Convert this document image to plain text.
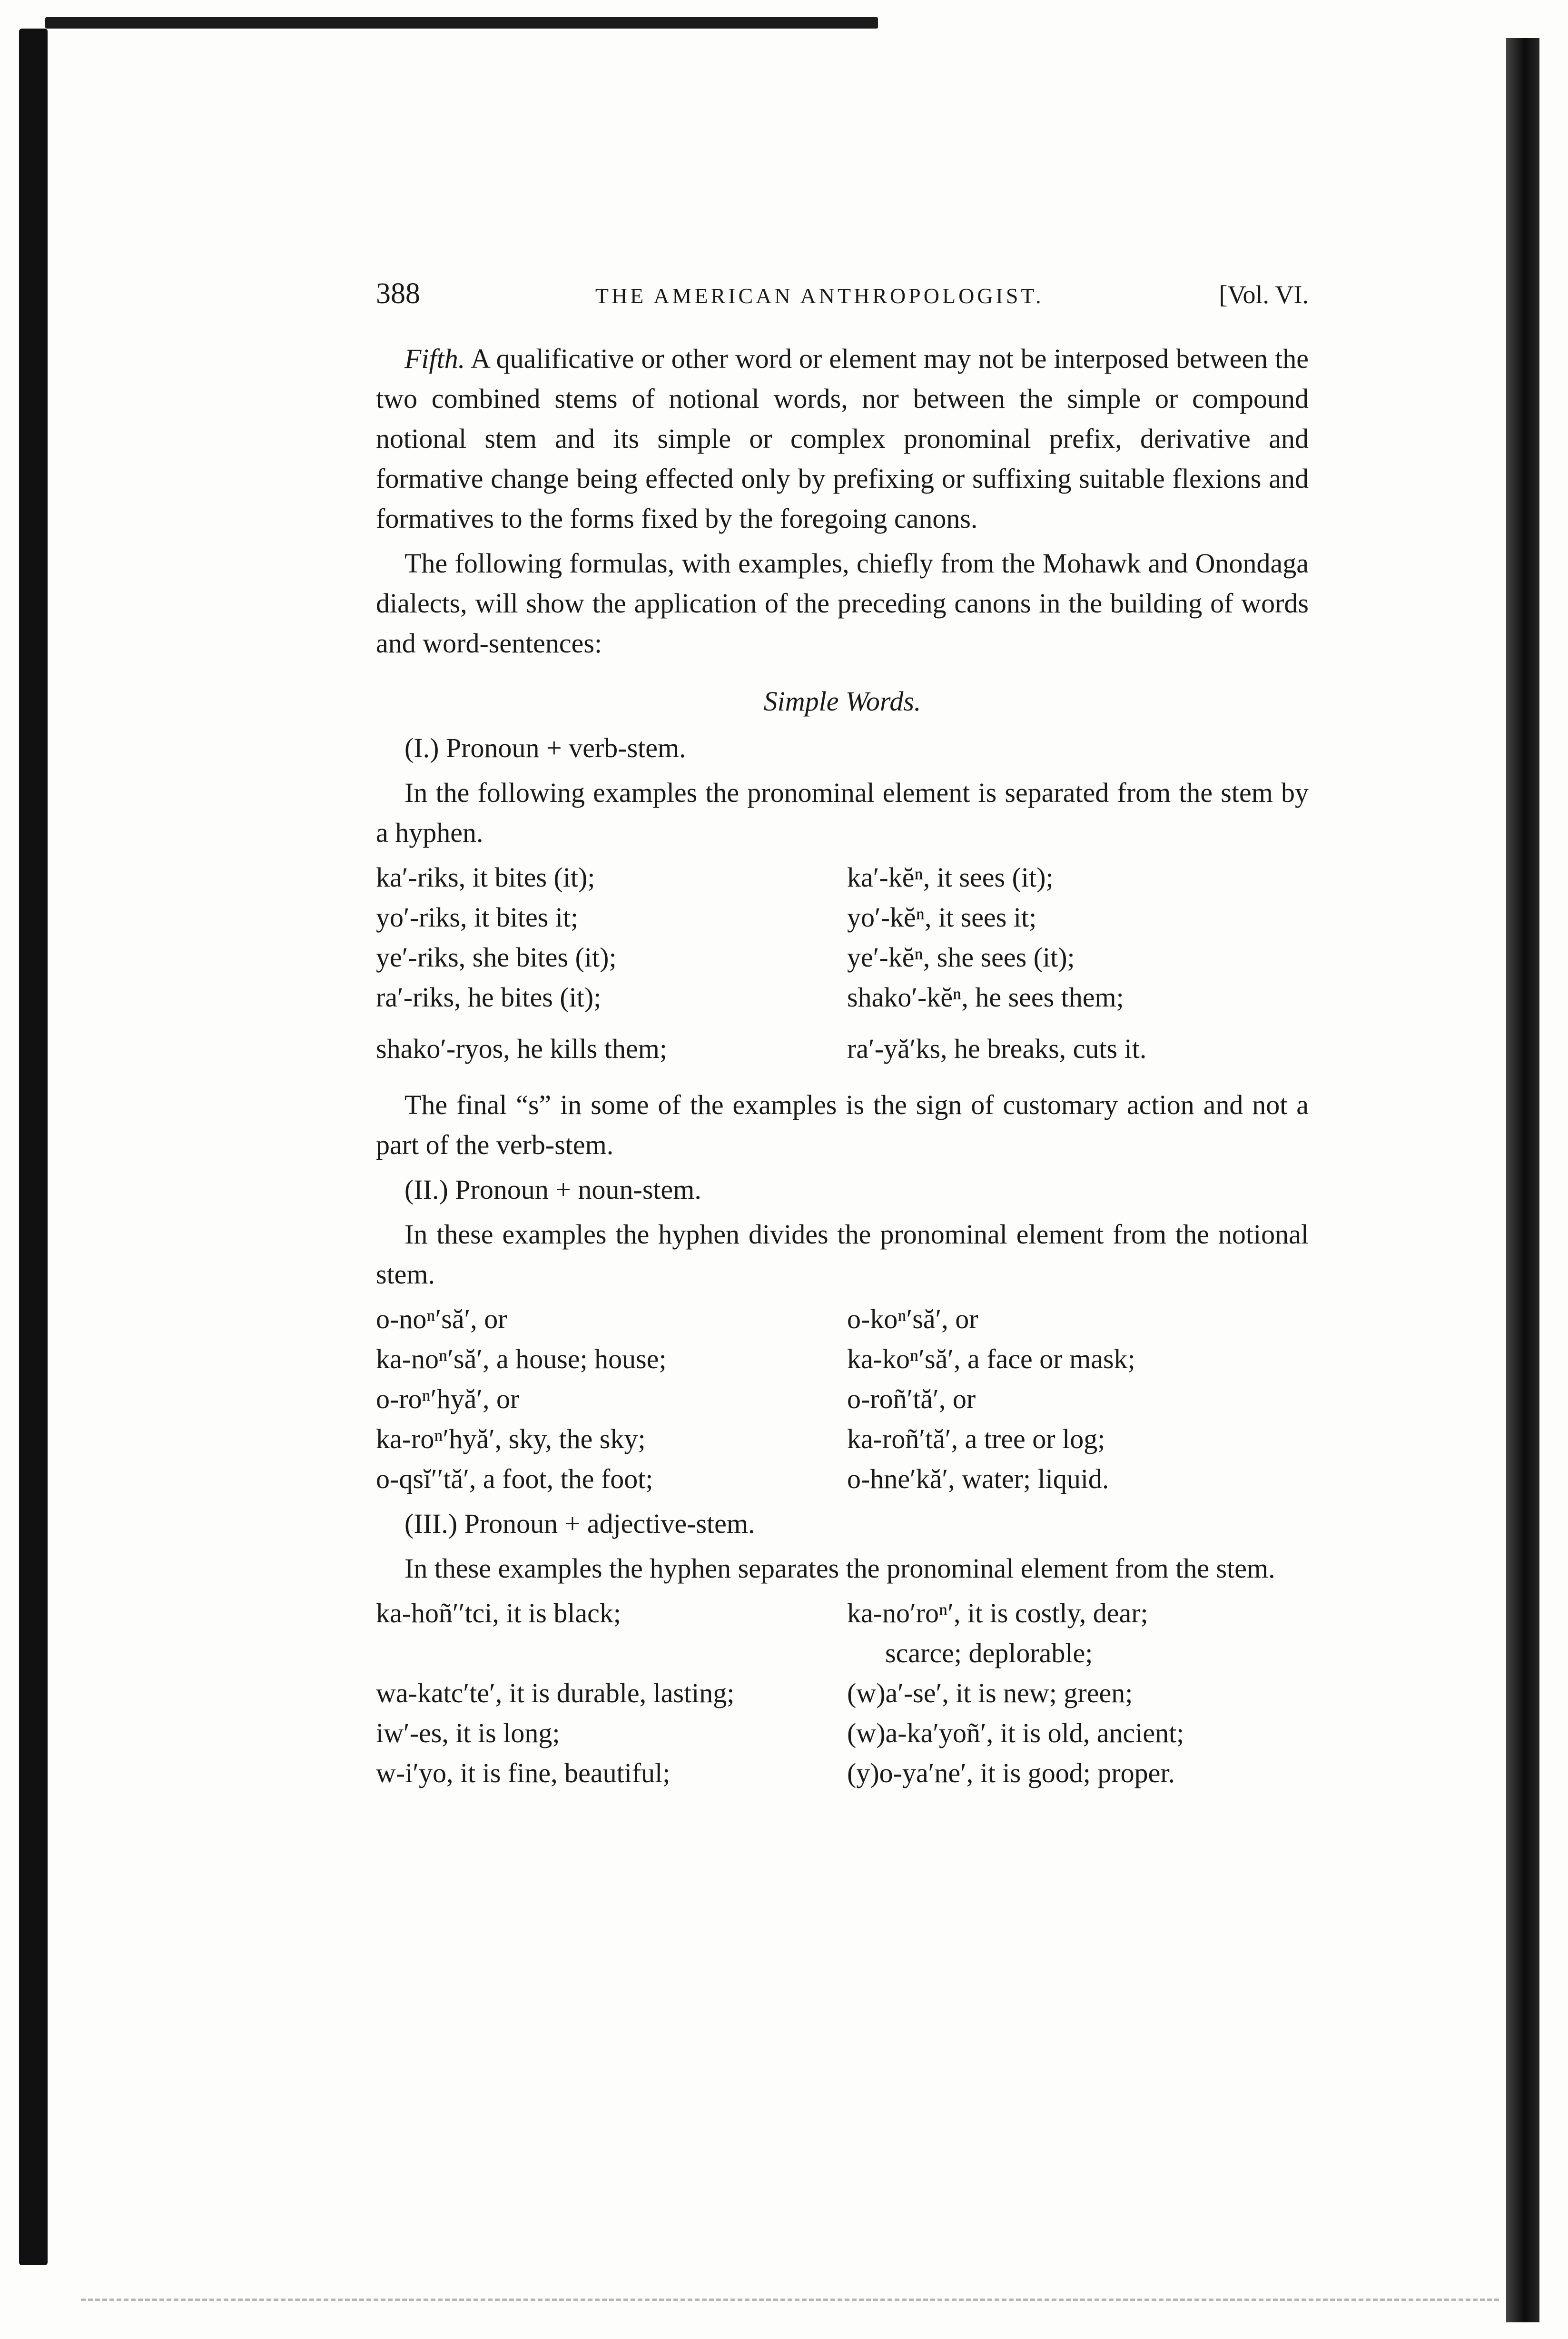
388	THE AMERICAN ANTHROPOLOGIST.	[Vol. VI.

Fifth. A qualificative or other word or element may not be interposed between the two combined stems of notional words, nor between the simple or compound notional stem and its simple or complex pronominal prefix, derivative and formative change being effected only by prefixing or suffixing suitable flexions and formatives to the forms fixed by the foregoing canons.

The following formulas, with examples, chiefly from the Mohawk and Onondaga dialects, will show the application of the preceding canons in the building of words and word-sentences:

Simple Words.
(I.) Pronoun + verb-stem.

In the following examples the pronominal element is separated from the stem by a hyphen.

ka′-riks, it bites (it);	ka′-kĕⁿ, it sees (it);
yo′-riks, it bites it;	yo′-kĕⁿ, it sees it;
ye′-riks, she bites (it);	ye′-kĕⁿ, she sees (it);
ra′-riks, he bites (it);	shako′-kĕⁿ, he sees them;
shako′-ryos, he kills them;	ra′-yă′ks, he breaks, cuts it.

The final “s” in some of the examples is the sign of customary action and not a part of the verb-stem.

(II.) Pronoun + noun-stem.

In these examples the hyphen divides the pronominal element from the notional stem.

o-noⁿ′să′, or	o-koⁿ′să′, or
ka-noⁿ′să′, a house; house;	ka-koⁿ′să′, a face or mask;
o-roⁿ′hyă′, or	o-roñ′tă′, or
ka-roⁿ′hyă′, sky, the sky;	ka-roñ′tă′, a tree or log;
o-qsĭ′′tă′, a foot, the foot;	o-hne′kă′, water; liquid.
(III.) Pronoun + adjective-stem.

In these examples the hyphen separates the pronominal element from the stem.

ka-hoñ′′tci, it is black;	ka-no′roⁿ′, it is costly, dear;
scarce; deplorable;
wa-katc′te′, it is durable, lasting;	(w)a′-se′, it is new; green;
iw′-es, it is long;	(w)a-ka′yoñ′, it is old, ancient;
w-i′yo, it is fine, beautiful;	(y)o-ya′ne′, it is good; proper.
